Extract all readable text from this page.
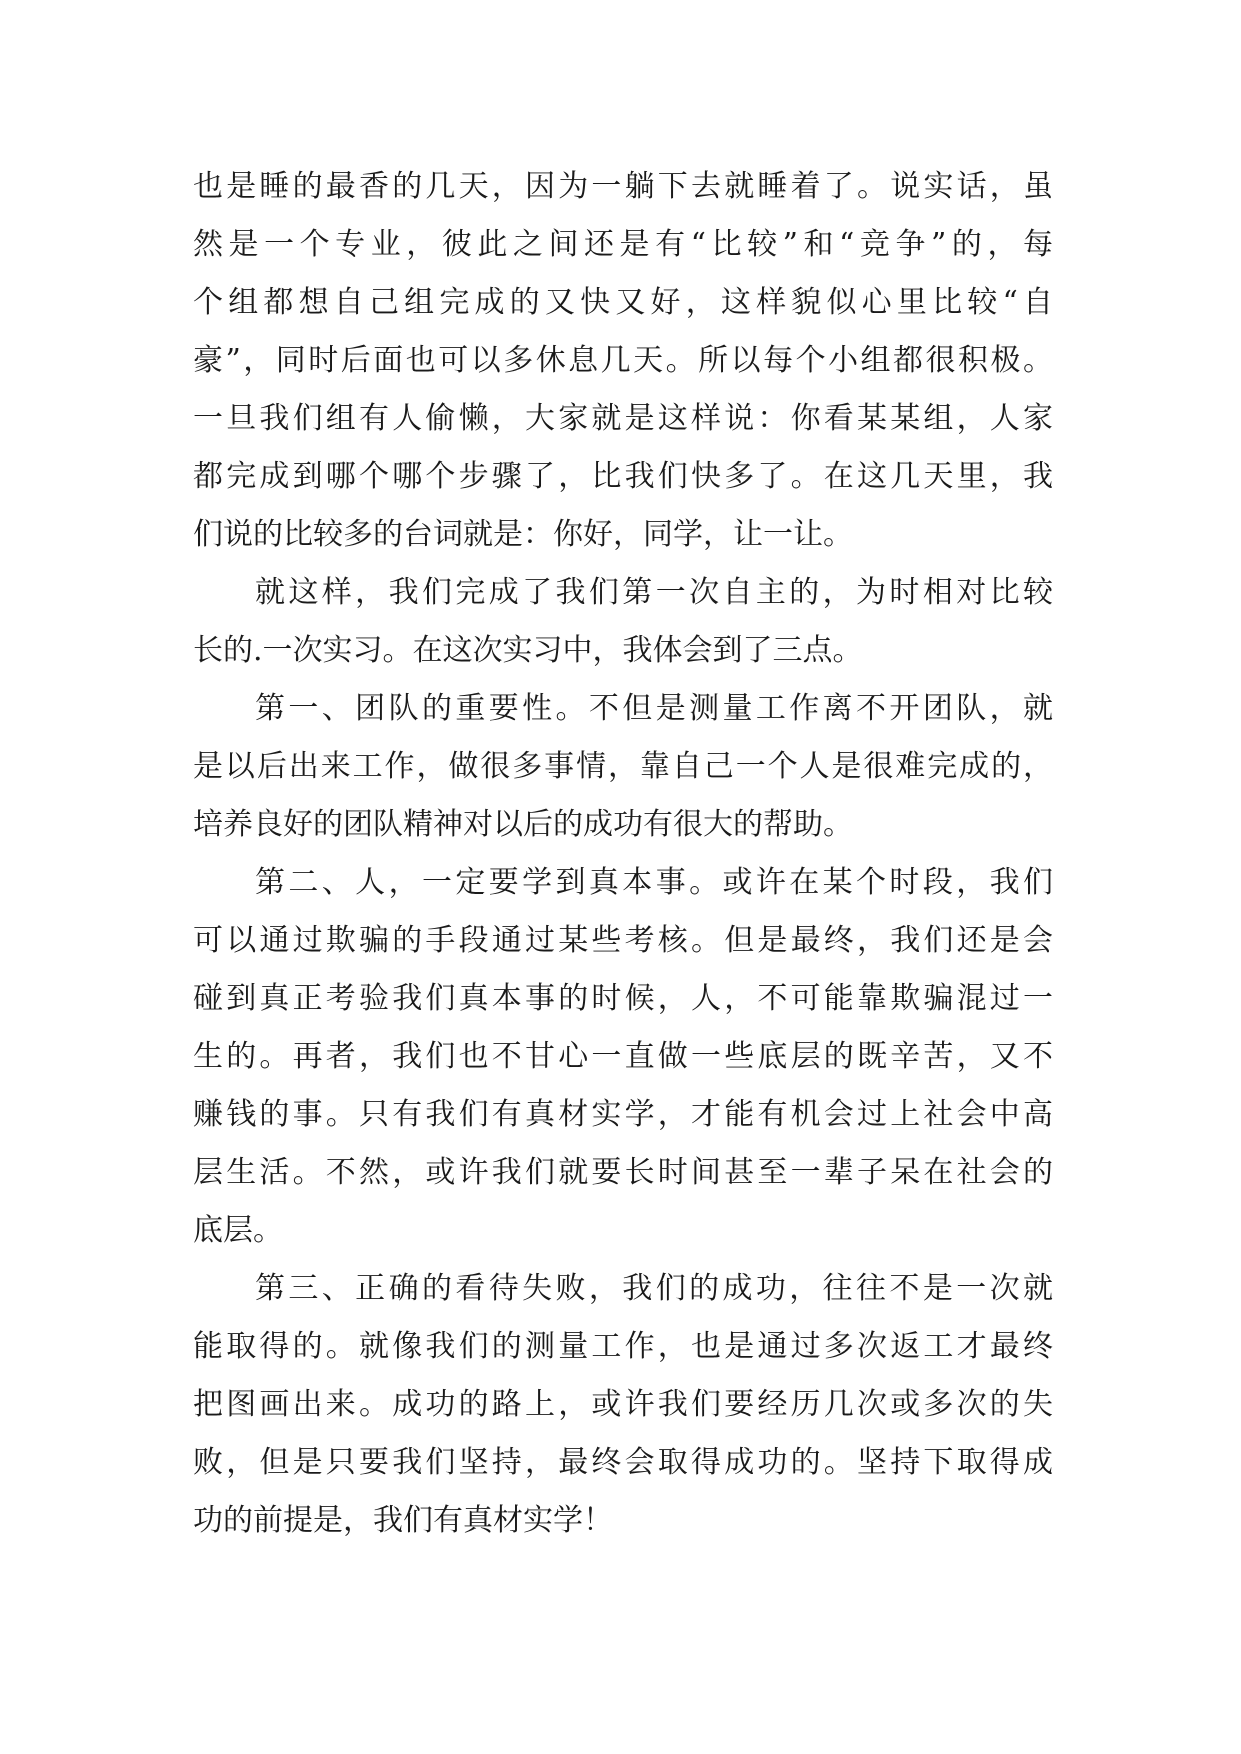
也是睡的最香的几天，因为一躺下去就睡着了。说实话，虽
然是一个专业，彼此之间还是有“比较”和“竞争”的，每
个组都想自己组完成的又快又好，这样貌似心里比较“自
豪”，同时后面也可以多休息几天。所以每个小组都很积极。
一旦我们组有人偷懒，大家就是这样说：你看某某组，人家
都完成到哪个哪个步骤了，比我们快多了。在这几天里，我
们说的比较多的台词就是：你好，同学，让一让。
就这样，我们完成了我们第一次自主的，为时相对比较
长的.一次实习。在这次实习中，我体会到了三点。
第一、团队的重要性。不但是测量工作离不开团队，就
是以后出来工作，做很多事情，靠自己一个人是很难完成的，
培养良好的团队精神对以后的成功有很大的帮助。
第二、人，一定要学到真本事。或许在某个时段，我们
可以通过欺骗的手段通过某些考核。但是最终，我们还是会
碰到真正考验我们真本事的时候，人，不可能靠欺骗混过一
生的。再者，我们也不甘心一直做一些底层的既辛苦，又不
赚钱的事。只有我们有真材实学，才能有机会过上社会中高
层生活。不然，或许我们就要长时间甚至一辈子呆在社会的
底层。
第三、正确的看待失败，我们的成功，往往不是一次就
能取得的。就像我们的测量工作，也是通过多次返工才最终
把图画出来。成功的路上，或许我们要经历几次或多次的失
败，但是只要我们坚持，最终会取得成功的。坚持下取得成
功的前提是，我们有真材实学！
